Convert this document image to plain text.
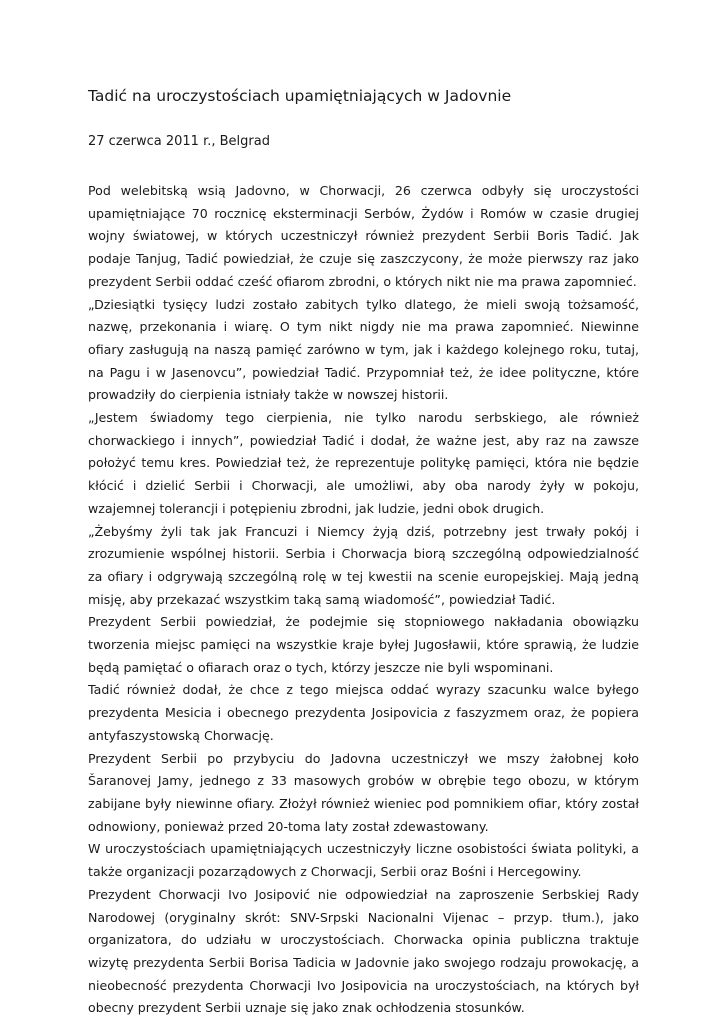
Tadić na uroczystościach upamiętniających w Jadovnie

27 czerwca 2011 r., Belgrad

Pod welebitską wsią Jadovno, w Chorwacji, 26 czerwca odbyły się uroczystości upamiętniające 70 rocznicę eksterminacji Serbów, Żydów i Romów w czasie drugiej wojny światowej, w których uczestniczył również prezydent Serbii Boris Tadić. Jak podaje Tanjug, Tadić powiedział, że czuje się zaszczycony, że może pierwszy raz jako prezydent Serbii oddać cześć ofiarom zbrodni, o których nikt nie ma prawa zapomnieć.

„Dziesiątki tysięcy ludzi zostało zabitych tylko dlatego, że mieli swoją tożsamość, nazwę, przekonania i wiarę. O tym nikt nigdy nie ma prawa zapomnieć. Niewinne ofiary zasługują na naszą pamięć zarówno w tym, jak i każdego kolejnego roku, tutaj, na Pagu i w Jasenovcu”, powiedział Tadić. Przypomniał też, że idee polityczne, które prowadziły do cierpienia istniały także w nowszej historii.

„Jestem świadomy tego cierpienia, nie tylko narodu serbskiego, ale również chorwackiego i innych”, powiedział Tadić i dodał, że ważne jest, aby raz na zawsze położyć temu kres. Powiedział też, że reprezentuje politykę pamięci, która nie będzie kłócić i dzielić Serbii i Chorwacji, ale umożliwi, aby oba narody żyły w pokoju, wzajemnej tolerancji i potępieniu zbrodni, jak ludzie, jedni obok drugich.

„Żebyśmy żyli tak jak Francuzi i Niemcy żyją dziś, potrzebny jest trwały pokój i zrozumienie wspólnej historii. Serbia i Chorwacja biorą szczególną odpowiedzialność za ofiary i odgrywają szczególną rolę w tej kwestii na scenie europejskiej. Mają jedną misję, aby przekazać wszystkim taką samą wiadomość”, powiedział Tadić.

Prezydent Serbii powiedział, że podejmie się stopniowego nakładania obowiązku tworzenia miejsc pamięci na wszystkie kraje byłej Jugosławii, które sprawią, że ludzie będą pamiętać o ofiarach oraz o tych, którzy jeszcze nie byli wspominani.

Tadić również dodał, że chce z tego miejsca oddać wyrazy szacunku walce byłego prezydenta Mesicia i obecnego prezydenta Josipovicia z faszyzmem oraz, że popiera antyfaszystowską Chorwację.

Prezydent Serbii po przybyciu do Jadovna uczestniczył we mszy żałobnej koło Šaranovej Jamy, jednego z 33 masowych grobów w obrębie tego obozu, w którym zabijane były niewinne ofiary. Złożył również wieniec pod pomnikiem ofiar, który został odnowiony, ponieważ przed 20-toma laty został zdewastowany.

W uroczystościach upamiętniających uczestniczyły liczne osobistości świata polityki, a także organizacji pozarządowych z Chorwacji, Serbii oraz Bośni i Hercegowiny.

Prezydent Chorwacji Ivo Josipović nie odpowiedział na zaproszenie Serbskiej Rady Narodowej (oryginalny skrót: SNV-Srpski Nacionalni Vijenac – przyp. tłum.), jako organizatora, do udziału w uroczystościach. Chorwacka opinia publiczna traktuje wizytę prezydenta Serbii Borisa Tadicia w Jadovnie jako swojego rodzaju prowokację, a nieobecność prezydenta Chorwacji Ivo Josipovicia na uroczystościach, na których był obecny prezydent Serbii uznaje się jako znak ochłodzenia stosunków.
